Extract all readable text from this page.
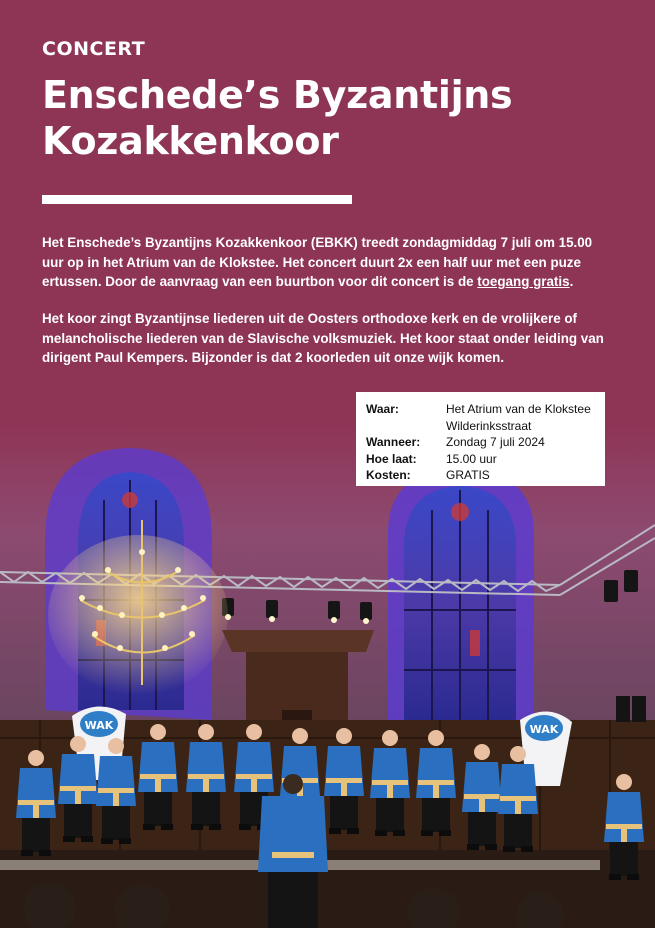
CONCERT
Enschede’s Byzantijns Kozakkenkoor

Het Enschede’s Byzantijns Kozakkenkoor (EBKK) treedt zondagmiddag 7 juli om 15.00 uur op in het Atrium van de Klokstee. Het concert duurt 2x een half uur met een puze ertussen. Door de aanvraag van een buurtbon voor dit concert is de toegang gratis.

Het koor zingt Byzantijnse liederen uit de Oosters orthodoxe kerk en de vrolijkere of melancholische liederen van de Slavische volksmuziek. Het koor staat onder leiding van dirigent Paul Kempers. Bijzonder is dat 2 koorleden uit onze wijk komen.

Waar:	Het Atrium van de Klokstee
Wilderinksstraat
Wanneer:	Zondag 7 juli 2024
Hoe laat:	15.00 uur
Kosten:	GRATIS
WAK	WAK
